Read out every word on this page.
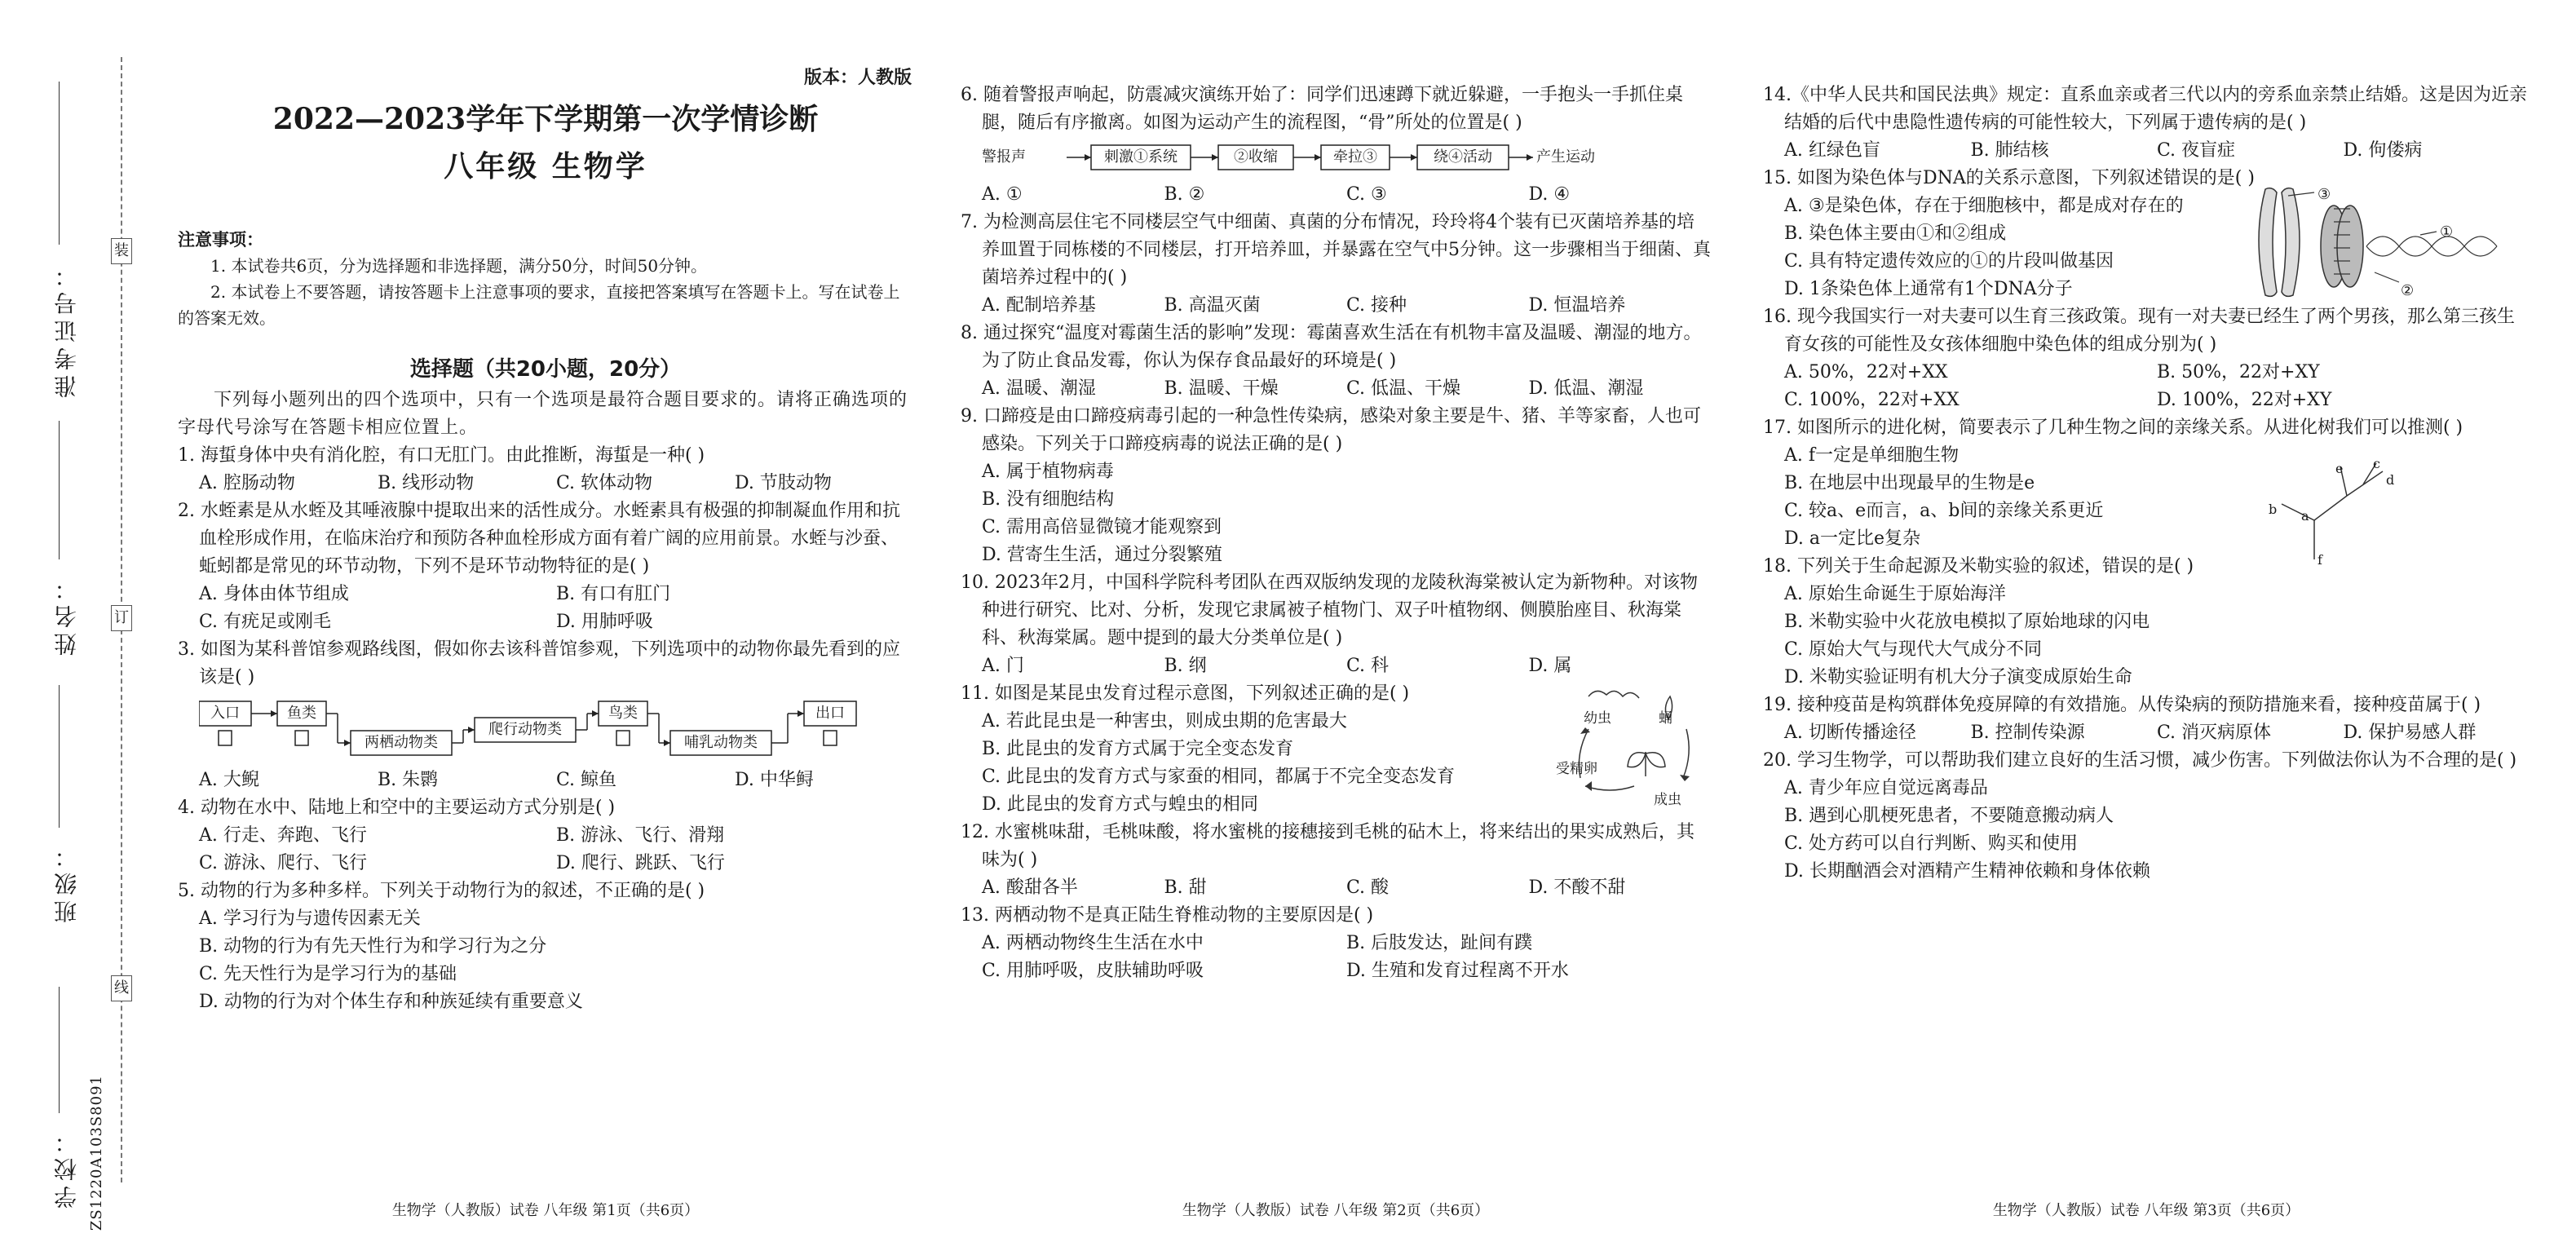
装
订
线
准考证号：
姓名：
班级：
学校： ZS1220A103S8091
版本：人教版
2022—2023学年下学期第一次学情诊断
八年级 生物学
注意事项：

1. 本试卷共6页，分为选择题和非选择题，满分50分，时间50分钟。

2. 本试卷上不要答题，请按答题卡上注意事项的要求，直接把答案填写在答题卡上。写在试卷上的答案无效。

选择题（共20小题，20分）
下列每小题列出的四个选项中，只有一个选项是最符合题目要求的。请将正确选项的字母代号涂写在答题卡相应位置上。
1. 海蜇身体中央有消化腔，有口无肛门。由此推断，海蜇是一种( )
A. 腔肠动物	B. 线形动物	C. 软体动物	D. 节肢动物
2. 水蛭素是从水蛭及其唾液腺中提取出来的活性成分。水蛭素具有极强的抑制凝血作用和抗血栓形成作用，在临床治疗和预防各种血栓形成方面有着广阔的应用前景。水蛭与沙蚕、蚯蚓都是常见的环节动物，下列不是环节动物特征的是( )
A. 身体由体节组成	B. 有口有肛门
C. 有疣足或刚毛	D. 用肺呼吸
3. 如图为某科普馆参观路线图，假如你去该科普馆参观，下列选项中的动物你最先看到的应该是( )
入口	鱼类
两栖动物类
爬行动物类
鸟类
哺乳动物类
出口
A. 大鲵	B. 朱鹮	C. 鲸鱼	D. 中华鲟
4. 动物在水中、陆地上和空中的主要运动方式分别是( )
A. 行走、奔跑、飞行	B. 游泳、飞行、滑翔
C. 游泳、爬行、飞行	D. 爬行、跳跃、飞行
5. 动物的行为多种多样。下列关于动物行为的叙述，不正确的是( )
A. 学习行为与遗传因素无关
B. 动物的行为有先天性行为和学习行为之分
C. 先天性行为是学习行为的基础
D. 动物的行为对个体生存和种族延续有重要意义
生物学（人教版）试卷 八年级 第1页（共6页）
6. 随着警报声响起，防震减灾演练开始了：同学们迅速蹲下就近躲避，一手抱头一手抓住桌腿，随后有序撤离。如图为运动产生的流程图，“骨”所处的位置是( )
警报声	刺激①系统	②收缩	牵拉③	绕④活动	产生运动
A. ①	B. ②	C. ③	D. ④
7. 为检测高层住宅不同楼层空气中细菌、真菌的分布情况，玲玲将4个装有已灭菌培养基的培养皿置于同栋楼的不同楼层，打开培养皿，并暴露在空气中5分钟。这一步骤相当于细菌、真菌培养过程中的( )
A. 配制培养基	B. 高温灭菌	C. 接种	D. 恒温培养
8. 通过探究“温度对霉菌生活的影响”发现：霉菌喜欢生活在有机物丰富及温暖、潮湿的地方。为了防止食品发霉，你认为保存食品最好的环境是( )
A. 温暖、潮湿	B. 温暖、干燥	C. 低温、干燥	D. 低温、潮湿
9. 口蹄疫是由口蹄疫病毒引起的一种急性传染病，感染对象主要是牛、猪、羊等家畜，人也可感染。下列关于口蹄疫病毒的说法正确的是( )
A. 属于植物病毒
B. 没有细胞结构
C. 需用高倍显微镜才能观察到
D. 营寄生生活，通过分裂繁殖
10. 2023年2月，中国科学院科考团队在西双版纳发现的龙陵秋海棠被认定为新物种。对该物种进行研究、比对、分析，发现它隶属被子植物门、双子叶植物纲、侧膜胎座目、秋海棠科、秋海棠属。题中提到的最大分类单位是( )
A. 门	B. 纲	C. 科	D. 属
11. 如图是某昆虫发育过程示意图，下列叙述正确的是( )
A. 若此昆虫是一种害虫，则成虫期的危害最大
B. 此昆虫的发育方式属于完全变态发育
C. 此昆虫的发育方式与家蚕的相同，都属于不完全变态发育
D. 此昆虫的发育方式与蝗虫的相同
幼虫	蛹
受精卵
成虫
12. 水蜜桃味甜，毛桃味酸，将水蜜桃的接穗接到毛桃的砧木上，将来结出的果实成熟后，其味为( )
A. 酸甜各半	B. 甜	C. 酸	D. 不酸不甜
13. 两栖动物不是真正陆生脊椎动物的主要原因是( )
A. 两栖动物终生生活在水中	B. 后肢发达，趾间有蹼
C. 用肺呼吸，皮肤辅助呼吸	D. 生殖和发育过程离不开水
生物学（人教版）试卷 八年级 第2页（共6页）
14.《中华人民共和国民法典》规定：直系血亲或者三代以内的旁系血亲禁止结婚。这是因为近亲结婚的后代中患隐性遗传病的可能性较大，下列属于遗传病的是( )
A. 红绿色盲	B. 肺结核	C. 夜盲症	D. 佝偻病
15. 如图为染色体与DNA的关系示意图，下列叙述错误的是( )
A. ③是染色体，存在于细胞核中，都是成对存在的
B. 染色体主要由①和②组成
C. 具有特定遗传效应的①的片段叫做基因
D. 1条染色体上通常有1个DNA分子
③
①
②
16. 现今我国实行一对夫妻可以生育三孩政策。现有一对夫妻已经生了两个男孩，那么第三孩生育女孩的可能性及女孩体细胞中染色体的组成分别为( )
A. 50%，22对+XX	B. 50%，22对+XY
C. 100%，22对+XX	D. 100%，22对+XY
17. 如图所示的进化树，简要表示了几种生物之间的亲缘关系。从进化树我们可以推测( )
A. f一定是单细胞生物
B. 在地层中出现最早的生物是e
C. 较a、e而言，a、b间的亲缘关系更近
D. a一定比e复杂
e c
d
b a
f
18. 下列关于生命起源及米勒实验的叙述，错误的是( )
A. 原始生命诞生于原始海洋
B. 米勒实验中火花放电模拟了原始地球的闪电
C. 原始大气与现代大气成分不同
D. 米勒实验证明有机大分子演变成原始生命
19. 接种疫苗是构筑群体免疫屏障的有效措施。从传染病的预防措施来看，接种疫苗属于( )
A. 切断传播途径	B. 控制传染源	C. 消灭病原体	D. 保护易感人群
20. 学习生物学，可以帮助我们建立良好的生活习惯，减少伤害。下列做法你认为不合理的是( )
A. 青少年应自觉远离毒品
B. 遇到心肌梗死患者，不要随意搬动病人
C. 处方药可以自行判断、购买和使用
D. 长期酗酒会对酒精产生精神依赖和身体依赖
生物学（人教版）试卷 八年级 第3页（共6页）
